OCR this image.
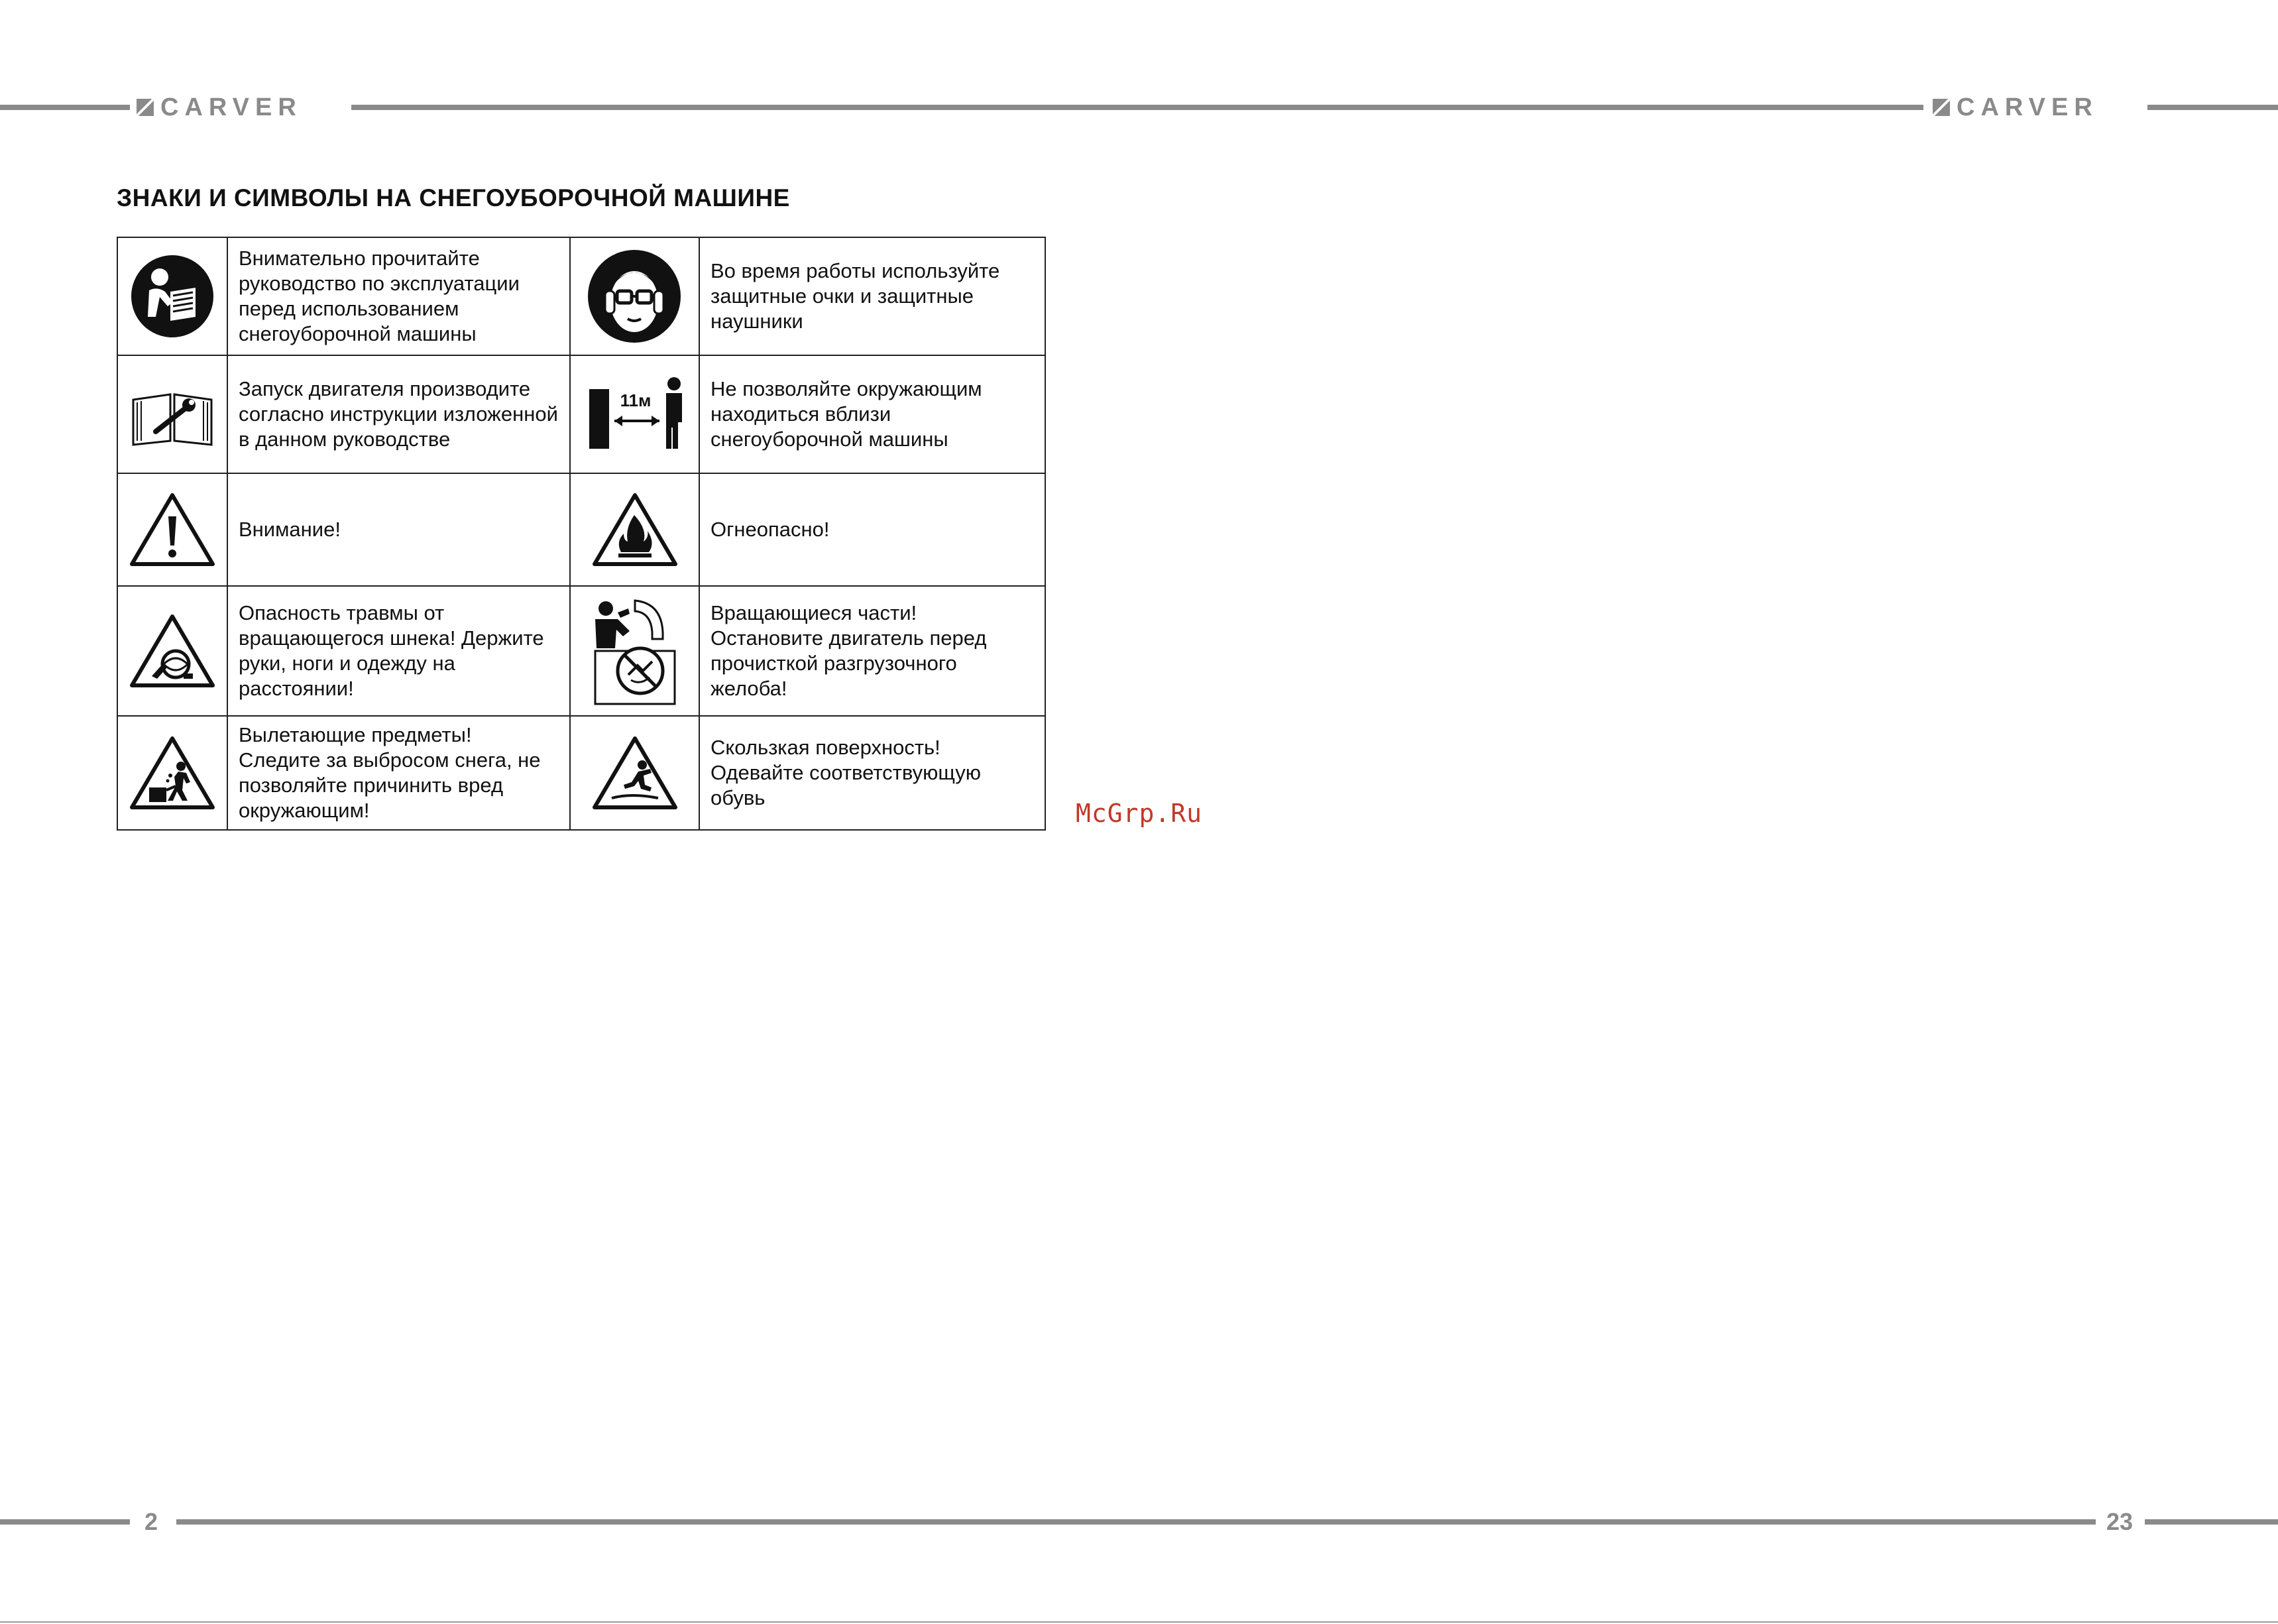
CARVER	CARVER
ЗНАКИ И СИМВОЛЫ НА СНЕГОУБОРОЧНОЙ МАШИНЕ
	Внимательно прочитайте руководство по эксплуатации перед использованием снегоуборочной машины		Во время работы используйте защитные очки и защитные наушники

	Запуск двигателя производите согласно инструкции изложенной в данном руководстве	11м	Не позволяйте окружающим находиться вблизи снегоуборочной машины

	Внимание!		Огнеопасно!

	Опасность травмы от вращающегося шнека! Держите руки, ноги и одежду на расстоянии!		Вращающиеся части! Остановите двигатель перед прочисткой разгрузочного желоба!

	Вылетающие предметы! Следите за выбросом снега, не позволяйте причинить вред окружающим!		Скользкая поверхность! Одевайте соответствующую обувь
McGrp.Ru
2	23
